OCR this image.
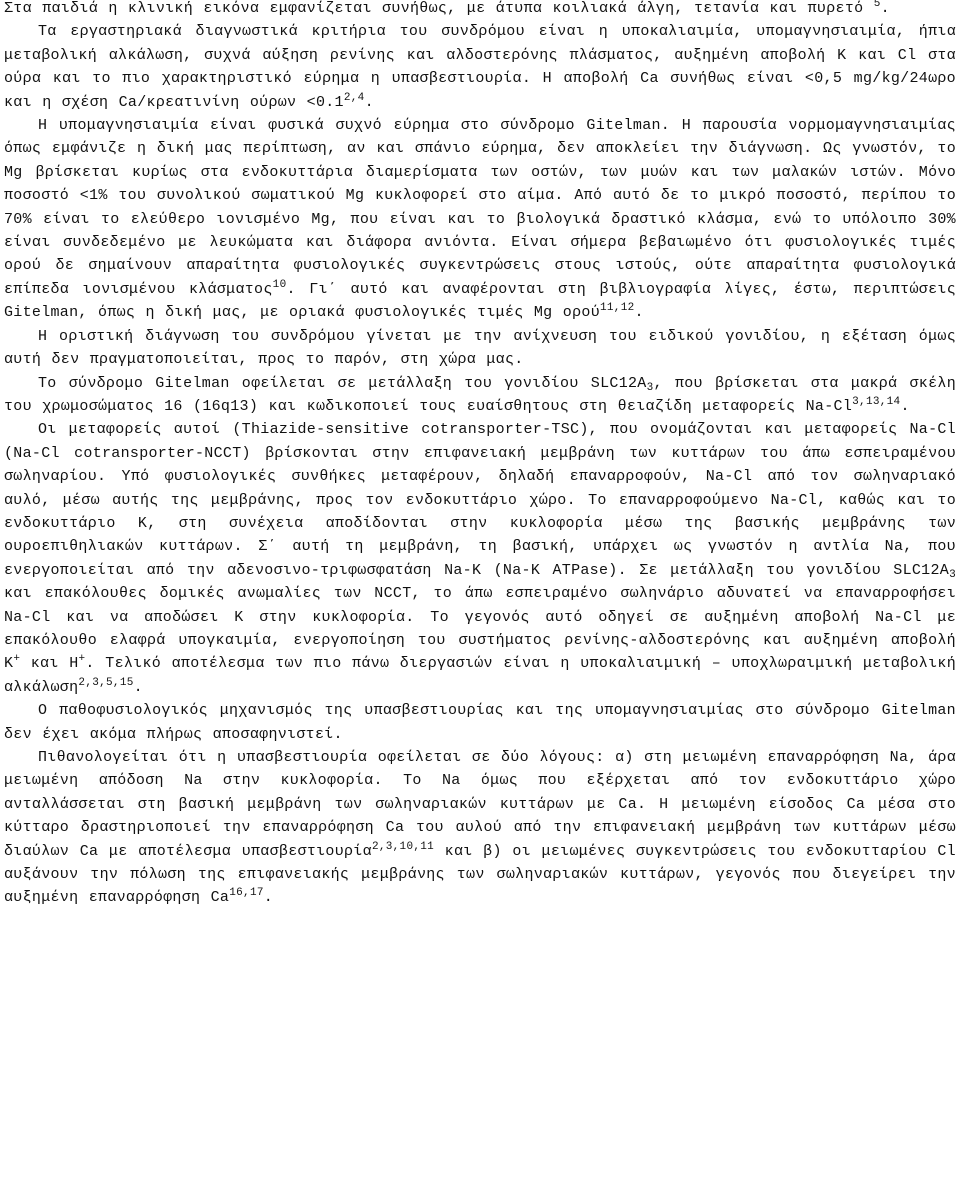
Στα παιδιά η κλινική εικόνα εμφανίζεται συνήθως, με άτυπα κοιλιακά άλγη, τετανία και πυρετό $^5$.

Τα εργαστηριακά διαγνωστικά κριτήρια του συνδρόμου είναι η υποκαλιαιμία, υπομαγνησιαιμία, ήπια μεταβολική αλκάλωση, συχνά αύξηση ρενίνης και αλδοστερόνης πλάσματος, αυξημένη αποβολή K και Cl στα ούρα και το πιο χαρακτηριστικό εύρημα η υπασβεστιουρία. Η αποβολή Ca συνήθως είναι <0,5 mg/kg/24ωρο και η σχέση Ca/κρεατινίνη $oύ\rho\omega\nu <0.1^{2,4}$.

Η υπομαγνησιαιμία είναι φυσικά συχνό εύρημα στο σύνδρομο Gitelman. Η παρουσία νορμομαγνησιαιμίας όπως εμφάνιζε η δική μας περίπτωση, αν και σπάνιο εύρημα, δεν αποκλείει την διάγνωση. Ως γνωστόν, το Mg βρίσκεται κυρίως στα ενδοκυττάρια διαμερίσματα των οστών, των μυών και των μαλακών ιστών. Μόνο ποσοστό <1% του συνολικού σωματικού Mg κυκλοφορεί στο αίμα. Από αυτό δε το μικρό ποσοστό, περίπου το 70% είναι το ελεύθερο ιονισμένο Mg, που είναι και το βιολογικά δραστικό κλάσμα, ενώ το υπόλοιπο 30% είναι συνδεδεμένο με λευκώματα και διάφορα ανιόντα. Είναι σήμερα βεβαιωμένο ότι φυσιολογικές τιμές ορού δε σημαίνουν απαραίτητα φυσιολογικές συγκεντρώσεις στους ιστούς, ούτε απαραίτητα φυσιολογικά επίπεδα ιονισμένου κλάσματος$^{10}$. Γι΄ αυτό και αναφέρονται στη βιβλιογραφία λίγες, έστω, περιπτώσεις Gitelman, όπως η δική μας, με οριακά φυσιολογικές τιμές Mg ορού$^{11,12}$.

Η οριστική διάγνωση του συνδρόμου γίνεται με την ανίχνευση του ειδικού γονιδίου, η εξέταση όμως αυτή δεν πραγματοποιείται, προς το παρόν, στη χώρα μας.

Το σύνδρομο Gitelman οφείλεται σε μετάλλαξη του γονιδίου $SLC12A_3$, που βρίσκεται στα μακρά σκέλη του χρωμοσώματος 16 (16q13) και κωδικοποιεί τους ευαίσθητους στη θειαζίδη μεταφορείς Na-Cl$^{3,13,14}$.

Οι μεταφορείς αυτοί (Thiazide-sensitive cotransporter-TSC), που ονομάζονται και μεταφορείς Na-Cl (Na-Cl cotransporter-NCCT) βρίσκονται στην επιφανειακή μεμβράνη των κυττάρων του άπω εσπειραμένου σωληναρίου. Υπό φυσιολογικές συνθήκες μεταφέρουν, δηλαδή επαναρροφούν, Na-Cl από τον σωληναριακό αυλό, μέσω αυτής της μεμβράνης, προς τον ενδοκυττάριο χώρο. Το επαναρροφούμενο Na-Cl, καθώς και το ενδοκυττάριο Κ, στη συνέχεια αποδίδονται στην κυκλοφορία μέσω της βασικής μεμβράνης των ουροεπιθηλιακών κυττάρων. Σ΄ αυτή τη μεμβράνη, τη βασική, υπάρχει ως γνωστόν η αντλία Na, που ενεργοποιείται από την αδενοσινο-τριφωσφατάση Na-K (Na-K ATPase). Σε μετάλλαξη του γονιδίου $SLC12A_3$ και επακόλουθες δομικές ανωμαλίες των NCCT, το άπω εσπειραμένο σωληνάριο αδυνατεί να επαναρροφήσει Na-Cl και να αποδώσει Κ στην κυκλοφορία. Το γεγονός αυτό οδηγεί σε αυξημένη αποβολή Na-Cl με επακόλουθο ελαφρά υπογκαιμία, ενεργοποίηση του συστήματος ρενίνης-αλδοστερόνης και αυξημένη αποβολή K+ και H+. Τελικό αποτέλεσμα των πιο πάνω διεργασιών είναι η υποκαλιαιμική – υποχλωραιμική μεταβολική αλκάλωση$^{2,3,5,15}$.

Ο παθοφυσιολογικός μηχανισμός της υπασβεστιουρίας και της υπομαγνησιαιμίας στο σύνδρομο Gitelman δεν έχει ακόμα πλήρως αποσαφηνιστεί.

Πιθανολογείται ότι η υπασβεστιουρία οφείλεται σε δύο λόγους: α) στη μειωμένη επαναρρόφηση Na, άρα μειωμένη απόδοση Na στην κυκλοφορία. Το Na όμως που εξέρχεται από τον ενδοκυττάριο χώρο ανταλλάσσεται στη βασική μεμβράνη των σωληναριακών κυττάρων με Ca. Η μειωμένη είσοδος Ca μέσα στο κύτταρο δραστηριοποιεί την επαναρρόφηση Ca του αυλού από την επιφανειακή μεμβράνη των κυττάρων μέσω διαύλων Ca με αποτέλεσμα υπασβεστιουρία$^{2,3,10,11}$ και β) οι μειωμένες συγκεντρώσεις του ενδοκυτταρίου Cl αυξάνουν την πόλωση της επιφανειακής μεμβράνης των σωληναριακών κυττάρων, γεγονός που διεγείρει την αυξημένη επαναρρόφηση Ca$^{16,17}$.
